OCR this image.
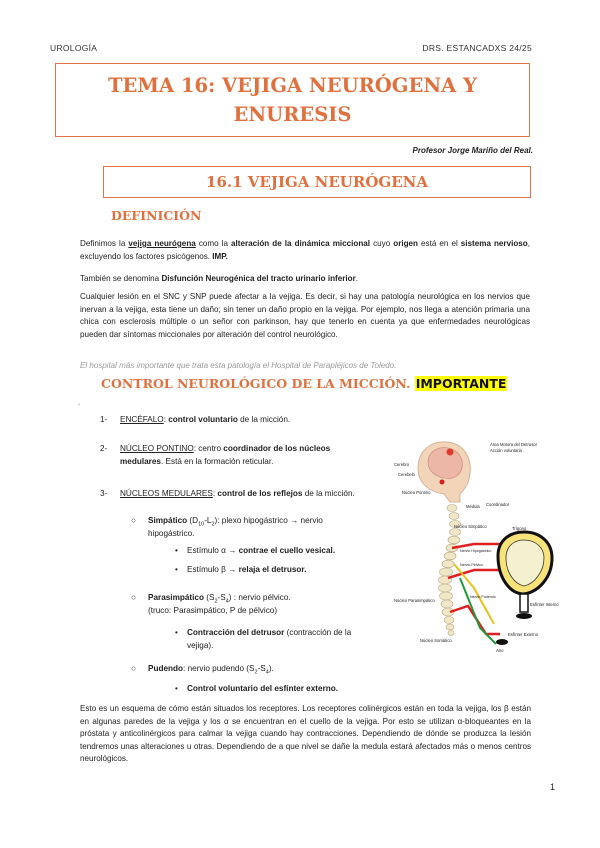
UROLOGÍA	DRS. ESTANCADXS 24/25
TEMA 16: VEJIGA NEURÓGENA Y
ENURESIS
Profesor Jorge Mariño del Real.
16.1 VEJIGA NEURÓGENA
DEFINICIÓN
Definimos la vejiga neurógena como la alteración de la dinámica miccional cuyo origen está en el sistema nervioso, excluyendo los factores psicógenos. IMP.
También se denomina Disfunción Neurogénica del tracto urinario inferior.
Cualquier lesión en el SNC y SNP puede afectar a la vejiga. Es decir, si hay una patología neurológica en los nervios que inervan a la vejiga, esta tiene un daño; sin tener un daño propio en la vejiga. Por ejemplo, nos llega a atención primaria una chica con esclerosis múltiple o un señor con parkinson, hay que tenerlo en cuenta ya que enfermedades neurológicas pueden dar síntomas miccionales por alteración del control neurológico.
El hospital más importante que trata esta patología el Hospital de Parapléjicos de Toledo.
CONTROL NEUROLÓGICO DE LA MICCIÓN. IMPORTANTE
▪
1- ENCÉFALO: control voluntario de la micción.
2- NÚCLEO PONTINO: centro coordinador de los núcleos
medulares. Está en la formación reticular.
3- NÚCLEOS MEDULARES: control de los reflejos de la micción.
○ Simpático $(D_{10}-L_2)$: plexo hipogástrico → nervio
hipogástrico.
• Estímulo α → contrae el cuello vesical.
• Estímulo β → relaja el detrusor.
○ Parasimpático $(S_2-S_4)$ : nervio pélvico.
(truco: Parasimpático, P de pélvico)
• Contracción del detrusor (contracción de la
vejiga).
○ Pudendo: nervio pudendo $(S_2-S_4)$.
• Control voluntario del esfínter externo.
Área Motora del Detrusor
Acción voluntaria
Cerebro
Cerebelo
Núcleo Pontino
Médula Coordinador
Núcleo Simpático
Nervio Hipogástrico
Nervio Pélvico
Trígono
Núcleo Parasimpático
Nervio Pudendo
Esfínter Interno
Núcleo Somático
Esfínter Externo
Ano
Esto es un esquema de cómo están situados los receptores. Los receptores colinérgicos están en toda la vejiga, los β están en algunas paredes de la vejiga y los α se encuentran en el cuello de la vejiga. Por esto se utilizan α-bloqueantes en la próstata y anticolinérgicos para calmar la vejiga cuando hay contracciones. Dependiendo de dónde se produzca la lesión tendremos unas alteraciones u otras. Dependiendo de a que nivel se dañe la medula estará afectados más o menos centros neurológicos.
1
